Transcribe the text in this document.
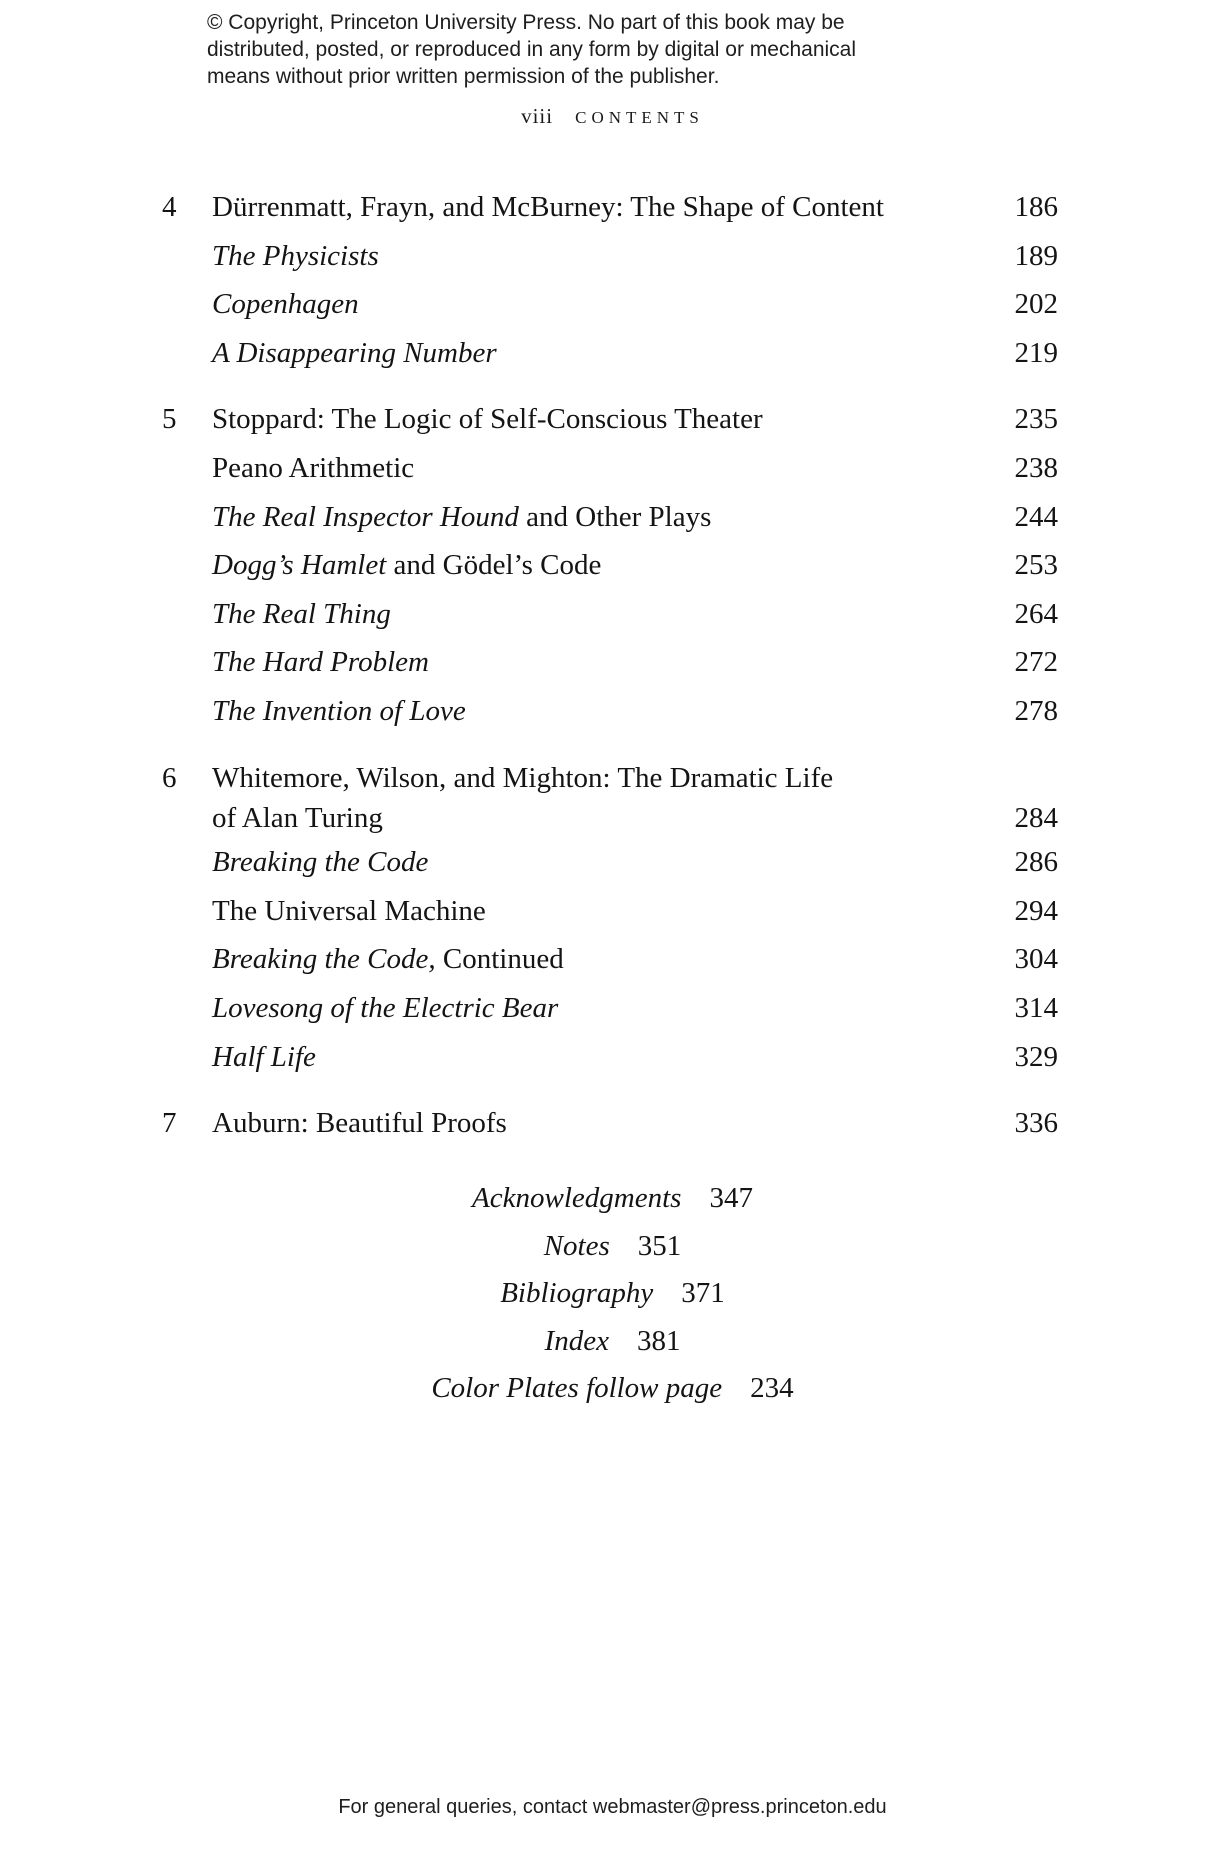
© Copyright, Princeton University Press. No part of this book may be
distributed, posted, or reproduced in any form by digital or mechanical
means without prior written permission of the publisher.
viii CONTENTS
4	Dürrenmatt, Frayn, and McBurney: The Shape of Content	186
The Physicists	189
Copenhagen	202
A Disappearing Number	219
5	Stoppard: The Logic of Self-Conscious Theater	235
Peano Arithmetic	238
The Real Inspector Hound and Other Plays	244
Dogg’s Hamlet and Gödel’s Code	253
The Real Thing	264
The Hard Problem	272
The Invention of Love	278
6	Whitemore, Wilson, and Mighton: The Dramatic Life
of Alan Turing	284
Breaking the Code	286
The Universal Machine	294
Breaking the Code, Continued	304
Lovesong of the Electric Bear	314
Half Life	329
7	Auburn: Beautiful Proofs	336
Acknowledgments 347
Notes 351
Bibliography 371
Index 381
Color Plates follow page 234
For general queries, contact webmaster@press.princeton.edu
